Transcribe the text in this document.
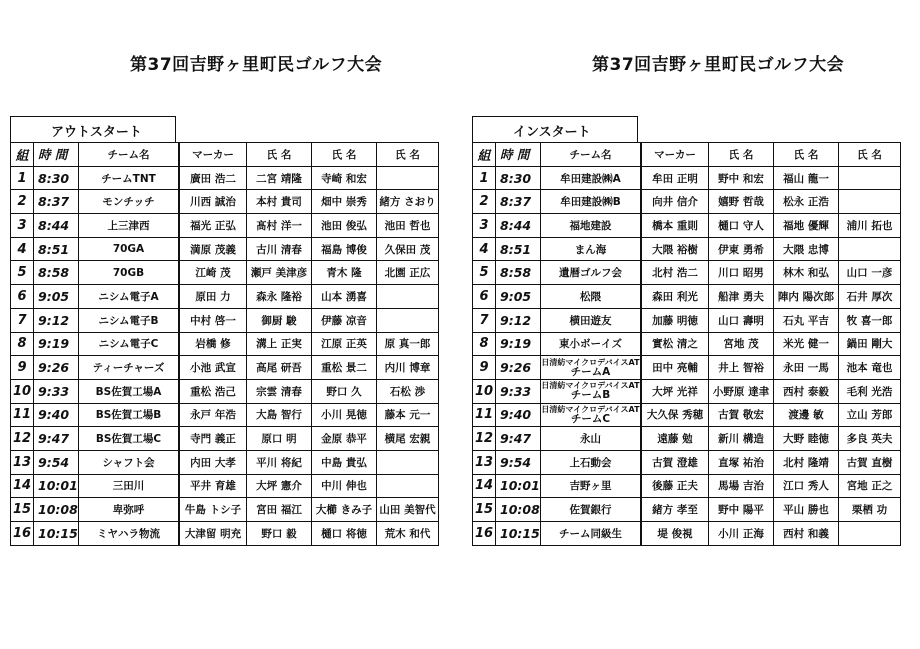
第37回吉野ヶ里町民ゴルフ大会	第37回吉野ヶ里町民ゴルフ大会
アウトスタート
組	時 間	チーム名	マーカー	氏 名	氏 名	氏 名
1	8:30	チームTNT	廣田 浩二	二宮 靖隆	寺崎 和宏	
2	8:37	モンチッチ	川西 誠治	本村 貴司	畑中 崇秀	緒方 さおり
3	8:44	上三津西	福光 正弘	髙村 洋一	池田 俊弘	池田 哲也
4	8:51	70GA	満原 茂義	古川 清春	福島 博俊	久保田 茂
5	8:58	70GB	江崎 茂	瀬戸 美津彦	青木 隆	北園 正広
6	9:05	ニシム電子A	原田 力	森永 隆裕	山本 湧喜	
7	9:12	ニシム電子B	中村 啓一	御厨 駿	伊藤 凉音	
8	9:19	ニシム電子C	岩橋 修	溝上 正実	江原 正英	原 真一郎
9	9:26	ティーチャーズ	小池 武宣	高尾 研吾	重松 景二	内川 博章
10	9:33	BS佐賀工場A	重松 浩己	宗雲 清春	野口 久	石松 渉
11	9:40	BS佐賀工場B	永戸 年浩	大島 智行	小川 晃徳	藤本 元一
12	9:47	BS佐賀工場C	寺門 義正	原口 明	金原 恭平	横尾 宏親
13	9:54	シャフト会	内田 大孝	平川 将紀	中島 貴弘	
14	10:01	三田川	平井 育雄	大坪 憲介	中川 伸也	
15	10:08	卑弥呼	牛島 トシ子	宮田 福江	大櫛 きみ子	山田 美智代
16	10:15	ミヤハラ物流	大津留 明充	野口 毅	樋口 将徳	荒木 和代
インスタート
組	時 間	チーム名	マーカー	氏 名	氏 名	氏 名
1	8:30	牟田建設㈱A	牟田 正明	野中 和宏	福山 龍一	
2	8:37	牟田建設㈱B	向井 信介	嬉野 哲哉	松永 正浩	
3	8:44	福地建設	橋本 重則	樋口 守人	福地 優輝	浦川 拓也
4	8:51	まん海	大隈 裕樹	伊東 勇希	大隈 忠博	
5	8:58	遺暦ゴルフ会	北村 浩二	川口 昭男	林木 和弘	山口 一彦
6	9:05	松隈	森田 利光	船津 勇夫	陣内 陽次郎	石井 厚次
7	9:12	横田遊友	加藤 明徳	山口 壽明	石丸 平吉	牧 喜一郎
8	9:19	東小ボーイズ	實松 清之	宮地 茂	米光 健一	鍋田 剛大
9	9:26	日清紡マイクロデバイスAT
チームA	田中 亮輔	井上 智裕	永田 一馬	池本 竜也
10	9:33	日清紡マイクロデバイスAT
チームB	大坪 光祥	小野原 達聿	西村 泰毅	毛利 光浩
11	9:40	日清紡マイクロデバイスAT
チームC	大久保 秀穂	古賀 敬宏	渡邊 敏	立山 芳郎
12	9:47	永山	遠藤 勉	新川 構造	大野 睦徳	多良 英夫
13	9:54	上石動会	古賀 澄雄	直塚 祐治	北村 隆靖	古賀 直樹
14	10:01	吉野ヶ里	後藤 正夫	馬場 吉治	江口 秀人	宮地 正之
15	10:08	佐賀銀行	緒方 孝至	野中 陽平	平山 勝也	栗栖 功
16	10:15	チーム同級生	堤 俊視	小川 正海	西村 和義	
